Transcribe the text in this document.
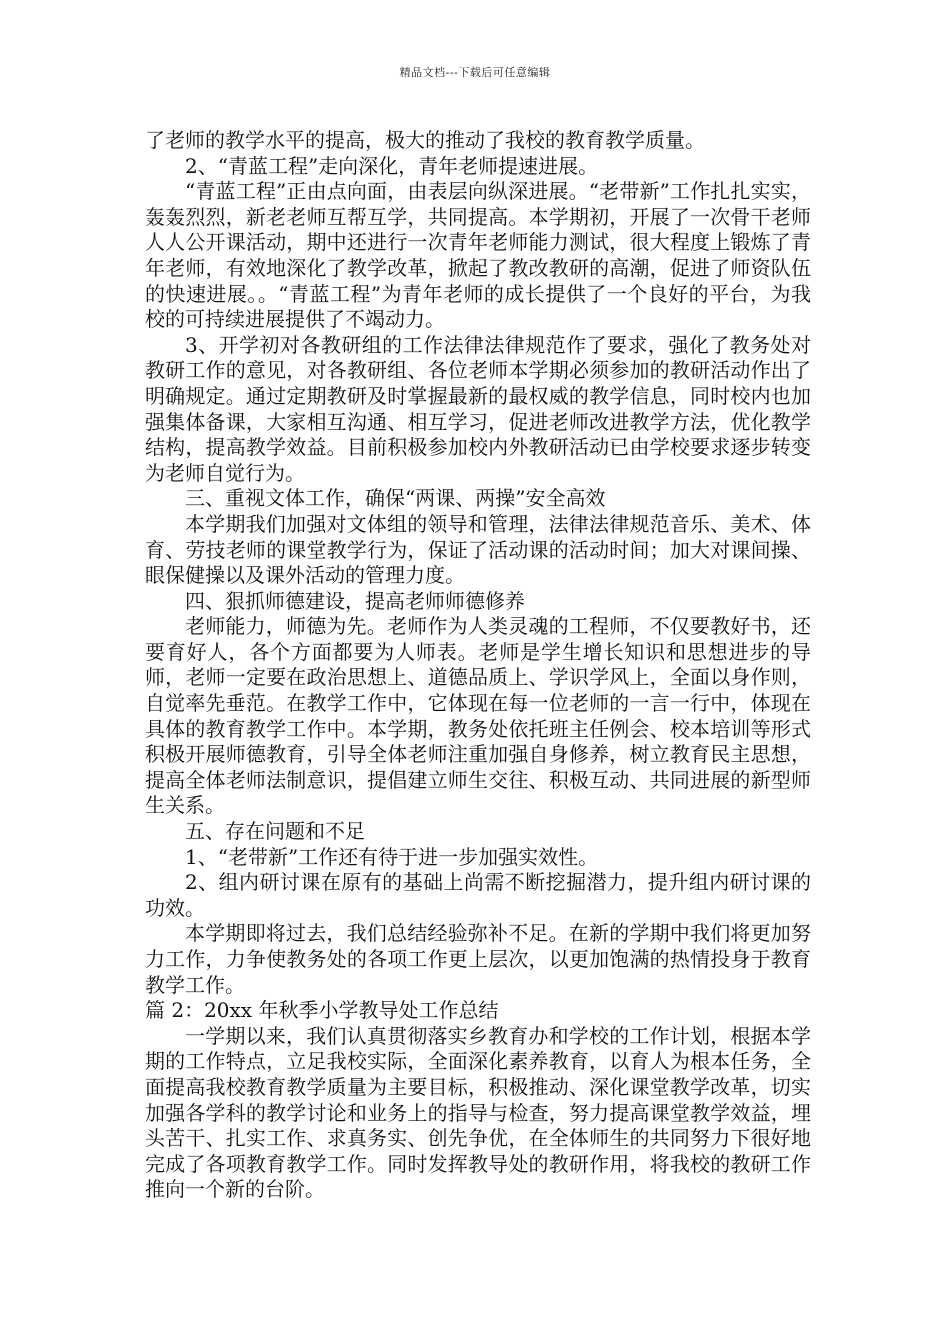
精品文档---下载后可任意编辑

了老师的教学水平的提高，极大的推动了我校的教育教学质量。

2、“青蓝工程”走向深化，青年老师提速进展。

“青蓝工程”正由点向面，由表层向纵深进展。“老带新”工作扎扎实实，轰轰烈烈，新老老师互帮互学，共同提高。本学期初，开展了一次骨干老师人人公开课活动，期中还进行一次青年老师能力测试，很大程度上锻炼了青年老师，有效地深化了教学改革，掀起了教改教研的高潮，促进了师资队伍的快速进展。。“青蓝工程”为青年老师的成长提供了一个良好的平台，为我校的可持续进展提供了不竭动力。

3、开学初对各教研组的工作法律法律规范作了要求，强化了教务处对教研工作的意见，对各教研组、各位老师本学期必须参加的教研活动作出了明确规定。通过定期教研及时掌握最新的最权威的教学信息，同时校内也加强集体备课，大家相互沟通、相互学习，促进老师改进教学方法，优化教学结构，提高教学效益。目前积极参加校内外教研活动已由学校要求逐步转变为老师自觉行为。

三、重视文体工作，确保“两课、两操”安全高效

本学期我们加强对文体组的领导和管理，法律法律规范音乐、美术、体育、劳技老师的课堂教学行为，保证了活动课的活动时间；加大对课间操、眼保健操以及课外活动的管理力度。

四、狠抓师德建设，提高老师师德修养

老师能力，师德为先。老师作为人类灵魂的工程师，不仅要教好书，还要育好人，各个方面都要为人师表。老师是学生增长知识和思想进步的导师，老师一定要在政治思想上、道德品质上、学识学风上，全面以身作则，自觉率先垂范。在教学工作中，它体现在每一位老师的一言一行中，体现在具体的教育教学工作中。本学期，教务处依托班主任例会、校本培训等形式积极开展师德教育，引导全体老师注重加强自身修养，树立教育民主思想，提高全体老师法制意识，提倡建立师生交往、积极互动、共同进展的新型师生关系。

五、存在问题和不足

1、“老带新”工作还有待于进一步加强实效性。

2、组内研讨课在原有的基础上尚需不断挖掘潜力，提升组内研讨课的功效。

本学期即将过去，我们总结经验弥补不足。在新的学期中我们将更加努力工作，力争使教务处的各项工作更上层次，以更加饱满的热情投身于教育教学工作。

篇 2：20xx 年秋季小学教导处工作总结

一学期以来，我们认真贯彻落实乡教育办和学校的工作计划，根据本学期的工作特点，立足我校实际，全面深化素养教育，以育人为根本任务，全面提高我校教育教学质量为主要目标，积极推动、深化课堂教学改革，切实加强各学科的教学讨论和业务上的指导与检查，努力提高课堂教学效益，埋头苦干、扎实工作、求真务实、创先争优，在全体师生的共同努力下很好地完成了各项教育教学工作。同时发挥教导处的教研作用，将我校的教研工作推向一个新的台阶。
